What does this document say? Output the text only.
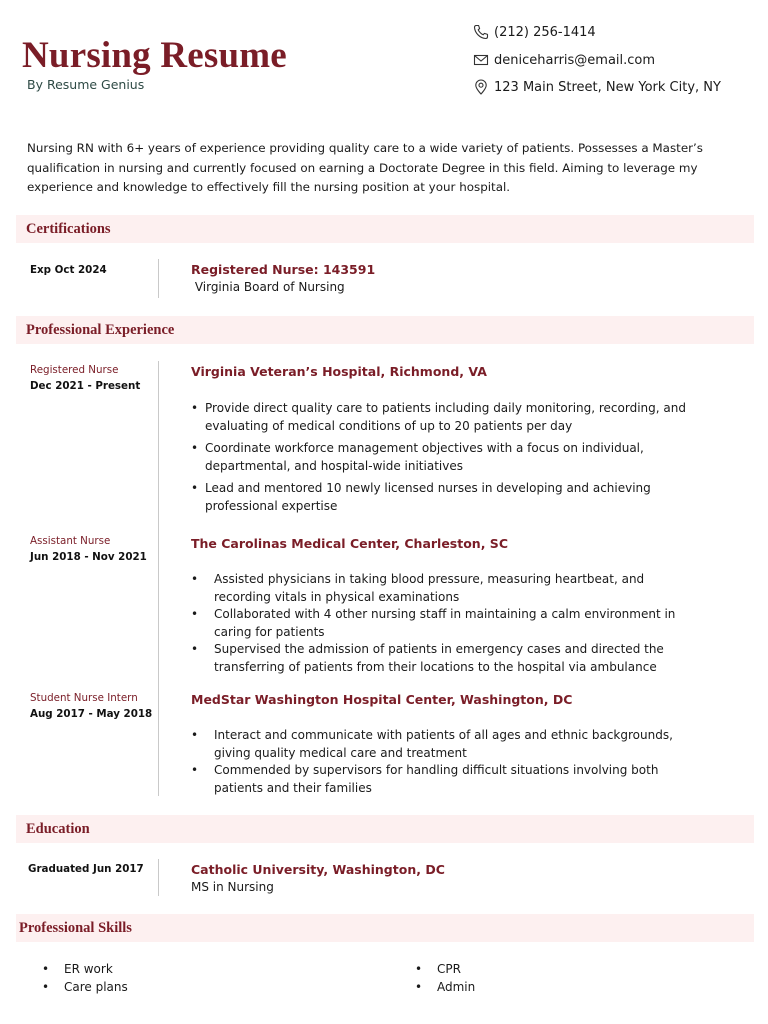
Nursing Resume
By Resume Genius
(212) 256-1414
deniceharris@email.com
123 Main Street, New York City, NY

Nursing RN with 6+ years of experience providing quality care to a wide variety of patients. Possesses a Master’s qualification in nursing and currently focused on earning a Doctorate Degree in this field. Aiming to leverage my experience and knowledge to effectively fill the nursing position at your hospital.

Certifications
Exp Oct 2024	Registered Nurse: 143591
Virginia Board of Nursing
Professional Experience
Registered Nurse
Dec 2021 - Present
Virginia Veteran’s Hospital, Richmond, VA
• Provide direct quality care to patients including daily monitoring, recording, and evaluating of medical conditions of up to 20 patients per day
• Coordinate workforce management objectives with a focus on individual, departmental, and hospital-wide initiatives
• Lead and mentored 10 newly licensed nurses in developing and achieving professional expertise
Assistant Nurse
Jun 2018 - Nov 2021
The Carolinas Medical Center, Charleston, SC
• Assisted physicians in taking blood pressure, measuring heartbeat, and recording vitals in physical examinations
• Collaborated with 4 other nursing staff in maintaining a calm environment in caring for patients
• Supervised the admission of patients in emergency cases and directed the transferring of patients from their locations to the hospital via ambulance
Student Nurse Intern
Aug 2017 - May 2018
MedStar Washington Hospital Center, Washington, DC
• Interact and communicate with patients of all ages and ethnic backgrounds, giving quality medical care and treatment
• Commended by supervisors for handling difficult situations involving both patients and their families
Education
Graduated Jun 2017	Catholic University, Washington, DC
MS in Nursing
Professional Skills
• ER work
• Care plans
• CPR
• Admin
